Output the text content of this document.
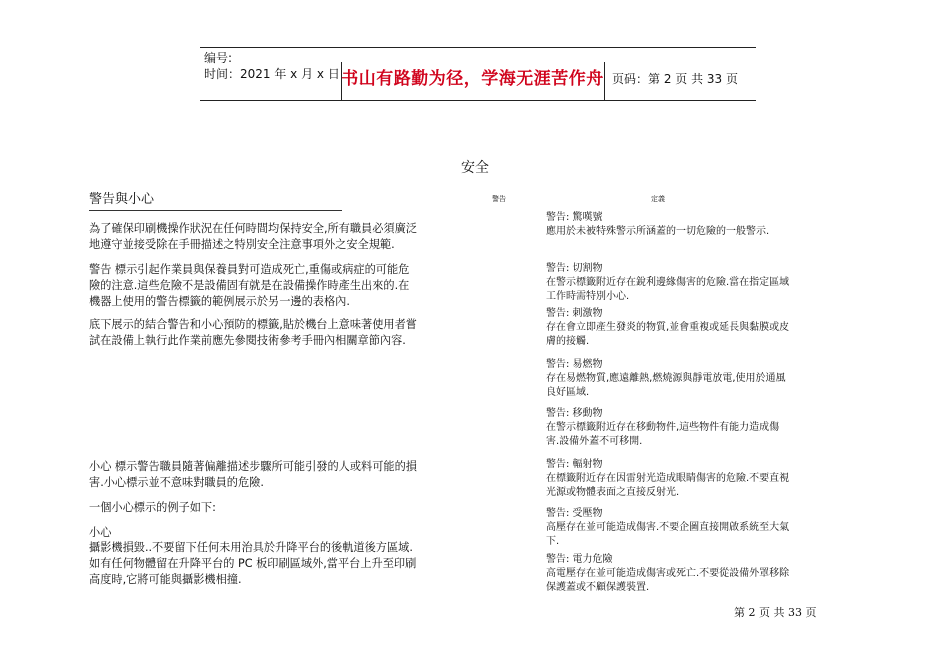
编号:
时间：2021 年 x 月 x 日 书山有路勤为径，学海无涯苦作舟 页码：第 2 页 共 33 页
安全
警告與小心
為了確保印刷機操作狀況在任何時間均保持安全,所有職員必須廣泛地遵守並接受除在手冊描述之特別安全注意事項外之安全規範.
警告 標示引起作業員與保養員對可造成死亡,重傷或病症的可能危險的注意.這些危險不是設備固有就是在設備操作時產生出來的.在機器上使用的警告標籤的範例展示於另一邊的表格內.
底下展示的結合警告和小心預防的標籤,貼於機台上意味著使用者嘗試在設備上執行此作業前應先參閱技術參考手冊內相關章節內容.
小心 標示警告職員隨著偏離描述步驟所可能引發的人或料可能的損害.小心標示並不意味對職員的危險.
一個小心標示的例子如下:
小心
攝影機損毀..不要留下任何未用治具於升降平台的後軌道後方區域.如有任何物體留在升降平台的 PC 板印刷區域外,當平台上升至印刷高度時,它將可能與攝影機相撞.
警告	定義
警告: 驚嘆號
應用於未被特殊警示所涵蓋的一切危險的一般警示.
警告: 切割物
在警示標籤附近存在銳利邊緣傷害的危險.當在指定區域工作時需特別小心.
警告: 刺激物
存在會立即產生發炎的物質,並會重複或延長與黏膜或皮膚的接觸.
警告: 易燃物
存在易燃物質,應遠離熱,燃燒源與靜電放電,使用於通風良好區域.
警告: 移動物
在警示標籤附近存在移動物件,這些物件有能力造成傷害.設備外蓋不可移開.
警告: 輻射物
在標籤附近存在因雷射光造成眼睛傷害的危險.不要直視光源或物體表面之直接反射光.
警告: 受壓物
高壓存在並可能造成傷害.不要企圖直接開啟系統至大氣下.
警告: 電力危險
高電壓存在並可能造成傷害或死亡.不要從設備外罩移除保護蓋或不顧保護裝置.
第 2 页 共 33 页
